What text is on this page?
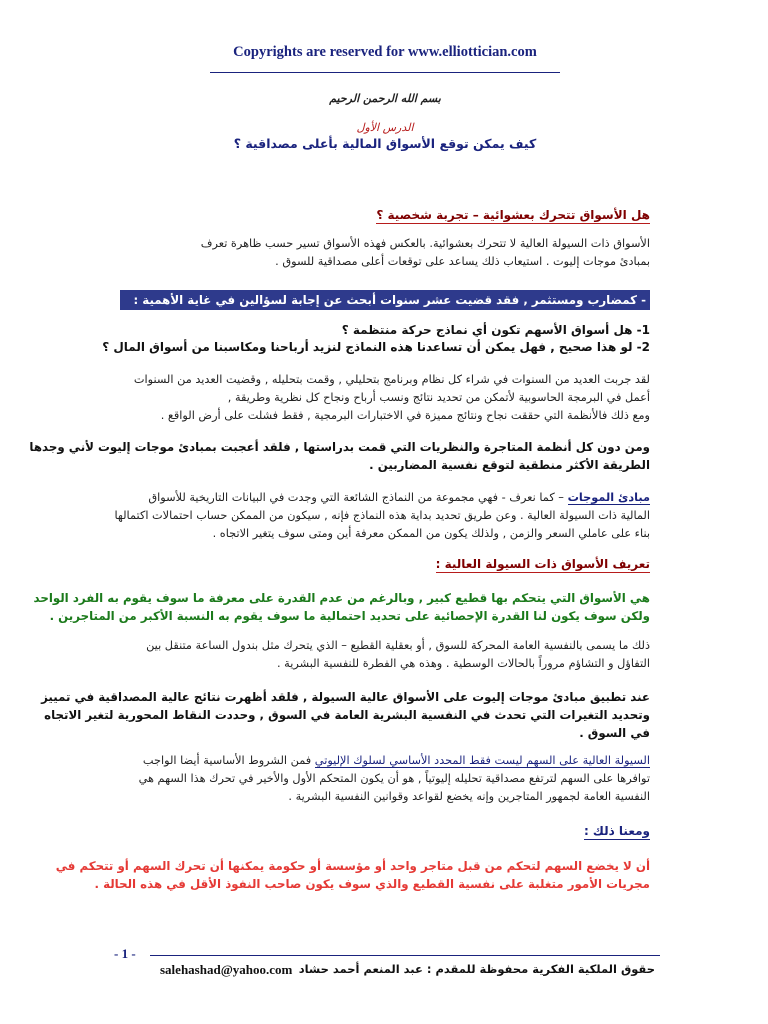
Copyrights are reserved for www.elliottician.com
بسم الله الرحمن الرحيم
الدرس الأول
كيف يمكن توقع الأسواق المالية بأعلى مصداقية ؟
هل الأسواق تتحرك بعشوائية – تجربة شخصية ؟
الأسواق ذات السيولة العالية لا تتحرك بعشوائية. بالعكس فهذه الأسواق تسير حسب ظاهرة تعرف
بمبادئ موجات إليوت . استيعاب ذلك يساعد على توقعات أعلى مصداقية للسوق .
- كمضارب ومستثمر , فقد قضيت عشر سنوات أبحث عن إجابة لسؤالين في غاية الأهمية :
1- هل أسواق الأسهم تكون أي نماذج حركة منتظمة ؟
2- لو هذا صحيح , فهل يمكن أن تساعدنا هذه النماذج لنزيد أرباحنا ومكاسبنا من أسواق المال ؟
لقد جربت العديد من السنوات في شراء كل نظام وبرنامج بتحليلي , وقمت بتحليله , وقضيت العديد من السنوات
أعمل في البرمجة الحاسوبية لأتمكن من تحديد نتائج ونسب أرباح ونجاح كل نظرية وطريقة ,
ومع ذلك فالأنظمة التي حققت نجاح ونتائج مميزة في الاختبارات البرمجية , فقط فشلت على أرض الواقع .
ومن دون كل أنظمة المتاجرة والنظريات التي قمت بدراستها , فلقد أعجبت بمبادئ موجات إليوت لأني وجدها
الطريقة الأكثر منطقية لتوقع نفسية المضاربين .
مبادئ الموجات – كما نعرف - فهي مجموعة من النماذج الشائعة التي وجدت في البيانات التاريخية للأسواق
المالية ذات السيولة العالية . وعن طريق تحديد بداية هذه النماذج فإنه , سيكون من الممكن حساب احتمالات اكتمالها
بناء على عاملي السعر والزمن , ولذلك يكون من الممكن معرفة أين ومتى سوف يتغير الاتجاه .
تعريف الأسواق ذات السيولة العالية :
هي الأسواق التي يتحكم بها قطيع كبير , وبالرغم من عدم القدرة على معرفة ما سوف يقوم به الفرد الواحد
ولكن سوف يكون لنا القدرة الإحصائية على تحديد احتمالية ما سوف يقوم به النسبة الأكبر من المتاجرين .
ذلك ما يسمى بالنفسية العامة المحركة للسوق , أو بعقلية القطيع – الذي يتحرك مثل بندول الساعة متنقل بين
التفاؤل و التشاؤم مروراً بالحالات الوسطية . وهذه هي الفطرة للنفسية البشرية .
عند تطبيق مبادئ موجات إليوت على الأسواق عالية السيولة , فلقد أظهرت نتائج عالية المصداقية في تمييز
وتحديد التغيرات التي تحدث في النفسية البشرية العامة في السوق , وحددت النقاط المحورية لتغير الاتجاه
في السوق .
السيولة العالية على السهم ليست فقط المحدد الأساسي لسلوك الإليوتي فمن الشروط الأساسية أيضا الواجب
توافرها على السهم لترتفع مصداقية تحليله إليوتياً , هو أن يكون المتحكم الأول والأخير في تحرك هذا السهم هي
النفسية العامة لجمهور المتاجرين وإنه يخضع لقواعد وقوانين النفسية البشرية .
ومعنا ذلك :
أن لا يخضع السهم لتحكم من قبل متاجر واحد أو مؤسسة أو حكومة يمكنها أن تحرك السهم أو تتحكم في
مجريات الأمور متغلبة على نفسية القطيع والذي سوف يكون صاحب النفوذ الأقل في هذه الحالة .
- 1 -
salehashad@yahoo.com حقوق الملكية الفكرية محفوظة للمقدم : عبد المنعم أحمد حشاد
